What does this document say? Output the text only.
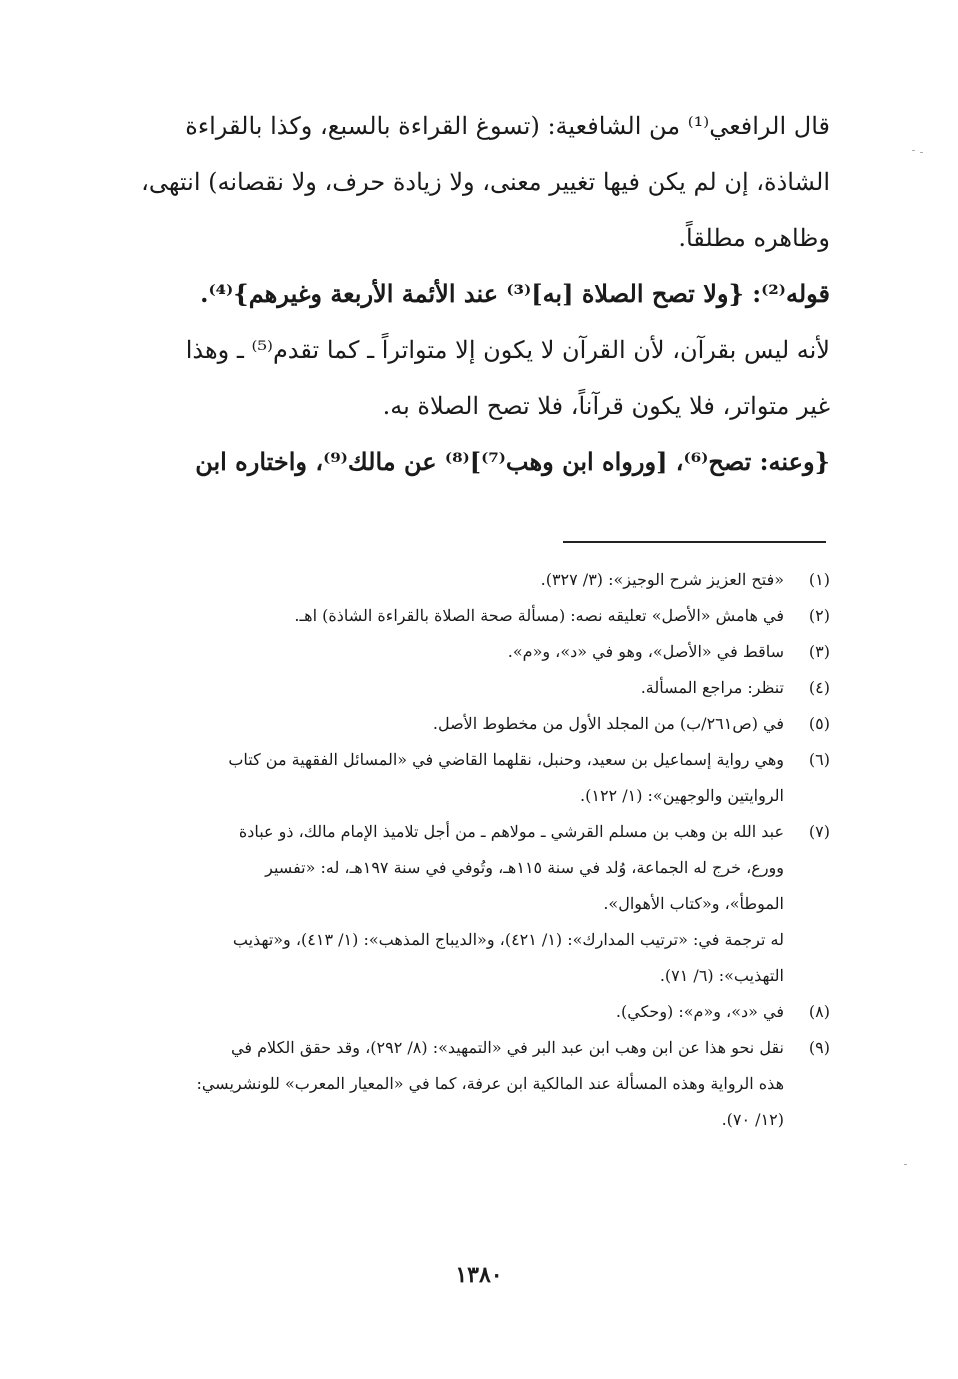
قال الرافعي⁽¹⁾ من الشافعية: (تسوغ القراءة بالسبع، وكذا بالقراءة
الشاذة، إن لم يكن فيها تغيير معنى، ولا زيادة حرف، ولا نقصانه) انتهى،
وظاهره مطلقاً.
قوله⁽²⁾: {ولا تصح الصلاة [به]⁽³⁾ عند الأئمة الأربعة وغيرهم}⁽⁴⁾.
لأنه ليس بقرآن، لأن القرآن لا يكون إلا متواتراً ـ كما تقدم⁽⁵⁾ ـ وهذا
غير متواتر، فلا يكون قرآناً، فلا تصح الصلاة به.
{وعنه: تصح⁽⁶⁾، [ورواه ابن وهب⁽⁷⁾]⁽⁸⁾ عن مالك⁽⁹⁾، واختاره ابن
(١)
«فتح العزيز شرح الوجيز»: (٣/ ٣٢٧).
(٢)
في هامش «الأصل» تعليقه نصه: (مسألة صحة الصلاة بالقراءة الشاذة) اهـ.
(٣)
ساقط في «الأصل»، وهو في «د»، و«م».
(٤)
تنظر: مراجع المسألة.
(٥)
في (ص٢٦١/ب) من المجلد الأول من مخطوط الأصل.
(٦)
وهي رواية إسماعيل بن سعيد، وحنبل، نقلهما القاضي في «المسائل الفقهية من كتاب
الروايتين والوجهين»: (١/ ١٢٢).
(٧)
عبد الله بن وهب بن مسلم القرشي ـ مولاهم ـ من أجل تلاميذ الإمام مالك، ذو عبادة
وورع، خرج له الجماعة، وُلد في سنة ١١٥هـ، وتُوفي في سنة ١٩٧هـ، له: «تفسير
الموطأ»، و«كتاب الأهوال».
له ترجمة في: «ترتيب المدارك»: (١/ ٤٢١)، و«الديباج المذهب»: (١/ ٤١٣)، و«تهذيب
التهذيب»: (٦/ ٧١).
(٨)
في «د»، و«م»: (وحكي).
(٩)
نقل نحو هذا عن ابن وهب ابن عبد البر في «التمهيد»: (٨/ ٢٩٢)، وقد حقق الكلام في
هذه الرواية وهذه المسألة عند المالكية ابن عرفة، كما في «المعيار المعرب» للونشريسي:
(١٢/ ٧٠).
١٣٨٠
